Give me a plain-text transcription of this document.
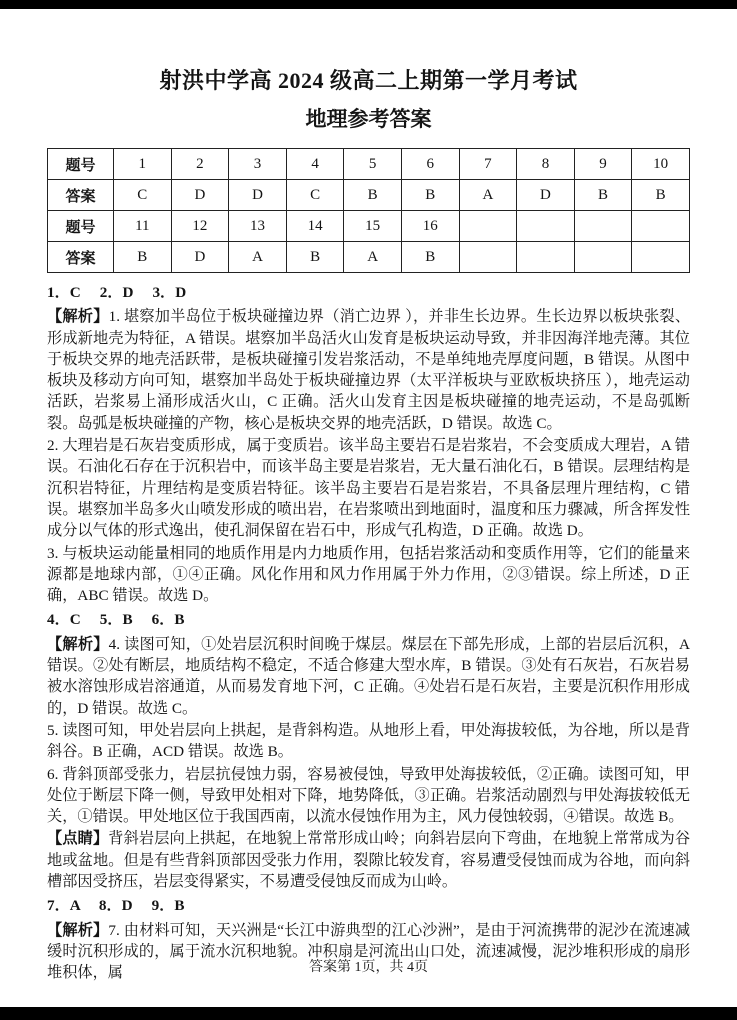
射洪中学高 2024 级高二上期第一学月考试
地理参考答案
题号	1	2	3	4	5	6	7	8	9	10
答案	C	D	D	C	B	B	A	D	B	B
题号	11	12	13	14	15	16				
答案	B	D	A	B	A	B				
1．C　 2．D　 3．D
【解析】1. 堪察加半岛位于板块碰撞边界（消亡边界 ），并非生长边界。生长边界以板块张裂、形成新地壳为特征，A 错误。堪察加半岛活火山发育是板块运动导致，并非因海洋地壳薄。其位于板块交界的地壳活跃带，是板块碰撞引发岩浆活动，不是单纯地壳厚度问题，B 错误。从图中板块及移动方向可知，堪察加半岛处于板块碰撞边界（太平洋板块与亚欧板块挤压 ），地壳运动活跃，岩浆易上涌形成活火山，C 正确。活火山发育主因是板块碰撞的地壳运动，不是岛弧断裂。岛弧是板块碰撞的产物，核心是板块交界的地壳活跃，D 错误。故选 C。
2. 大理岩是石灰岩变质形成，属于变质岩。该半岛主要岩石是岩浆岩，不会变质成大理岩，A 错误。石油化石存在于沉积岩中，而该半岛主要是岩浆岩，无大量石油化石，B 错误。层理结构是沉积岩特征，片理结构是变质岩特征。该半岛主要岩石是岩浆岩，不具备层理片理结构，C 错误。堪察加半岛多火山喷发形成的喷出岩，在岩浆喷出到地面时，温度和压力骤减，所含挥发性成分以气体的形式逸出，使孔洞保留在岩石中，形成气孔构造，D 正确。故选 D。
3. 与板块运动能量相同的地质作用是内力地质作用，包括岩浆活动和变质作用等，它们的能量来源都是地球内部，①④正确。风化作用和风力作用属于外力作用，②③错误。综上所述，D 正确，ABC 错误。故选 D。
4．C　 5．B　 6．B
【解析】4. 读图可知，①处岩层沉积时间晚于煤层。煤层在下部先形成，上部的岩层后沉积，A 错误。②处有断层，地质结构不稳定，不适合修建大型水库，B 错误。③处有石灰岩，石灰岩易被水溶蚀形成岩溶通道，从而易发育地下河，C 正确。④处岩石是石灰岩，主要是沉积作用形成的，D 错误。故选 C。
5. 读图可知，甲处岩层向上拱起，是背斜构造。从地形上看，甲处海拔较低，为谷地，所以是背斜谷。B 正确，ACD 错误。故选 B。
6. 背斜顶部受张力，岩层抗侵蚀力弱，容易被侵蚀，导致甲处海拔较低，②正确。读图可知，甲处位于断层下降一侧，导致甲处相对下降，地势降低，③正确。岩浆活动剧烈与甲处海拔较低无关，①错误。甲处地区位于我国西南，以流水侵蚀作用为主，风力侵蚀较弱，④错误。故选 B。
【点睛】背斜岩层向上拱起，在地貌上常常形成山岭；向斜岩层向下弯曲，在地貌上常常成为谷地或盆地。但是有些背斜顶部因受张力作用，裂隙比较发育，容易遭受侵蚀而成为谷地，而向斜槽部因受挤压，岩层变得紧实，不易遭受侵蚀反而成为山岭。
7．A　 8．D　 9．B
【解析】7. 由材料可知，天兴洲是“长江中游典型的江心沙洲”，是由于河流携带的泥沙在流速减缓时沉积形成的，属于流水沉积地貌。冲积扇是河流出山口处，流速减慢，泥沙堆积形成的扇形堆积体，属	答案第 1页，共 4页
